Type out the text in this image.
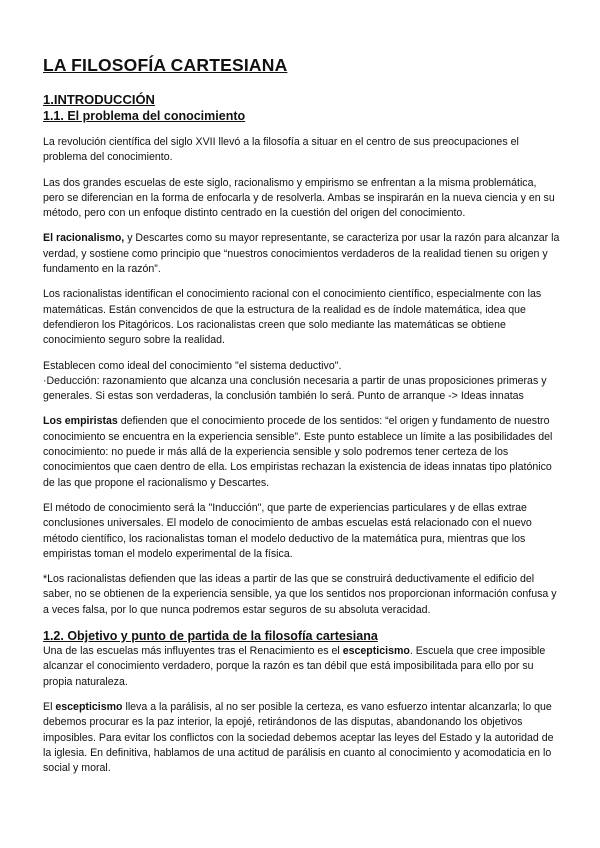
LA FILOSOFÍA CARTESIANA
1.INTRODUCCIÓN
1.1. El problema del conocimiento

La revolución científica del siglo XVII llevó a la filosofía a situar en el centro de sus preocupaciones el problema del conocimiento.

Las dos grandes escuelas de este siglo, racionalismo y empirismo se enfrentan a la misma problemática, pero se diferencian en la forma de enfocarla y de resolverla. Ambas se inspirarán en la nueva ciencia y en su método, pero con un enfoque distinto centrado en la cuestión del origen del conocimiento.

El racionalismo, y Descartes como su mayor representante, se caracteriza por usar la razón para alcanzar la verdad, y sostiene como principio que “nuestros conocimientos verdaderos de la realidad tienen su origen y fundamento en la razón”.

Los racionalistas identifican el conocimiento racional con el conocimiento científico, especialmente con las matemáticas. Están convencidos de que la estructura de la realidad es de índole matemática, idea que defendieron los Pitagóricos. Los racionalistas creen que solo mediante las matemáticas se obtiene conocimiento seguro sobre la realidad.

Establecen como ideal del conocimiento "el sistema deductivo".

·Deducción: razonamiento que alcanza una conclusión necesaria a partir de unas proposiciones primeras y generales. Si estas son verdaderas, la conclusión también lo será. Punto de arranque -> Ideas innatas

Los empiristas defienden que el conocimiento procede de los sentidos: “el origen y fundamento de nuestro conocimiento se encuentra en la experiencia sensible”. Este punto establece un límite a las posibilidades del conocimiento: no puede ir más allá de la experiencia sensible y solo podremos tener certeza de los conocimientos que caen dentro de ella. Los empiristas rechazan la existencia de ideas innatas tipo platónico de las que propone el racionalismo y Descartes.

El método de conocimiento será la "Inducción", que parte de experiencias particulares y de ellas extrae conclusiones universales. El modelo de conocimiento de ambas escuelas está relacionado con el nuevo método científico, los racionalistas toman el modelo deductivo de la matemática pura, mientras que los empiristas toman el modelo experimental de la física.

*Los racionalistas defienden que las ideas a partir de las que se construirá deductivamente el edificio del saber, no se obtienen de la experiencia sensible, ya que los sentidos nos proporcionan información confusa y a veces falsa, por lo que nunca podremos estar seguros de su absoluta veracidad.

1.2. Objetivo y punto de partida de la filosofía cartesiana

Una de las escuelas más influyentes tras el Renacimiento es el escepticismo. Escuela que cree imposible alcanzar el conocimiento verdadero, porque la razón es tan débil que está imposibilitada para ello por su propia naturaleza.

El escepticismo lleva a la parálisis, al no ser posible la certeza, es vano esfuerzo intentar alcanzarla; lo que debemos procurar es la paz interior, la epojé, retirándonos de las disputas, abandonando los objetivos imposibles. Para evitar los conflictos con la sociedad debemos aceptar las leyes del Estado y la autoridad de la iglesia. En definitiva, hablamos de una actitud de parálisis en cuanto al conocimiento y acomodaticia en lo social y moral.
